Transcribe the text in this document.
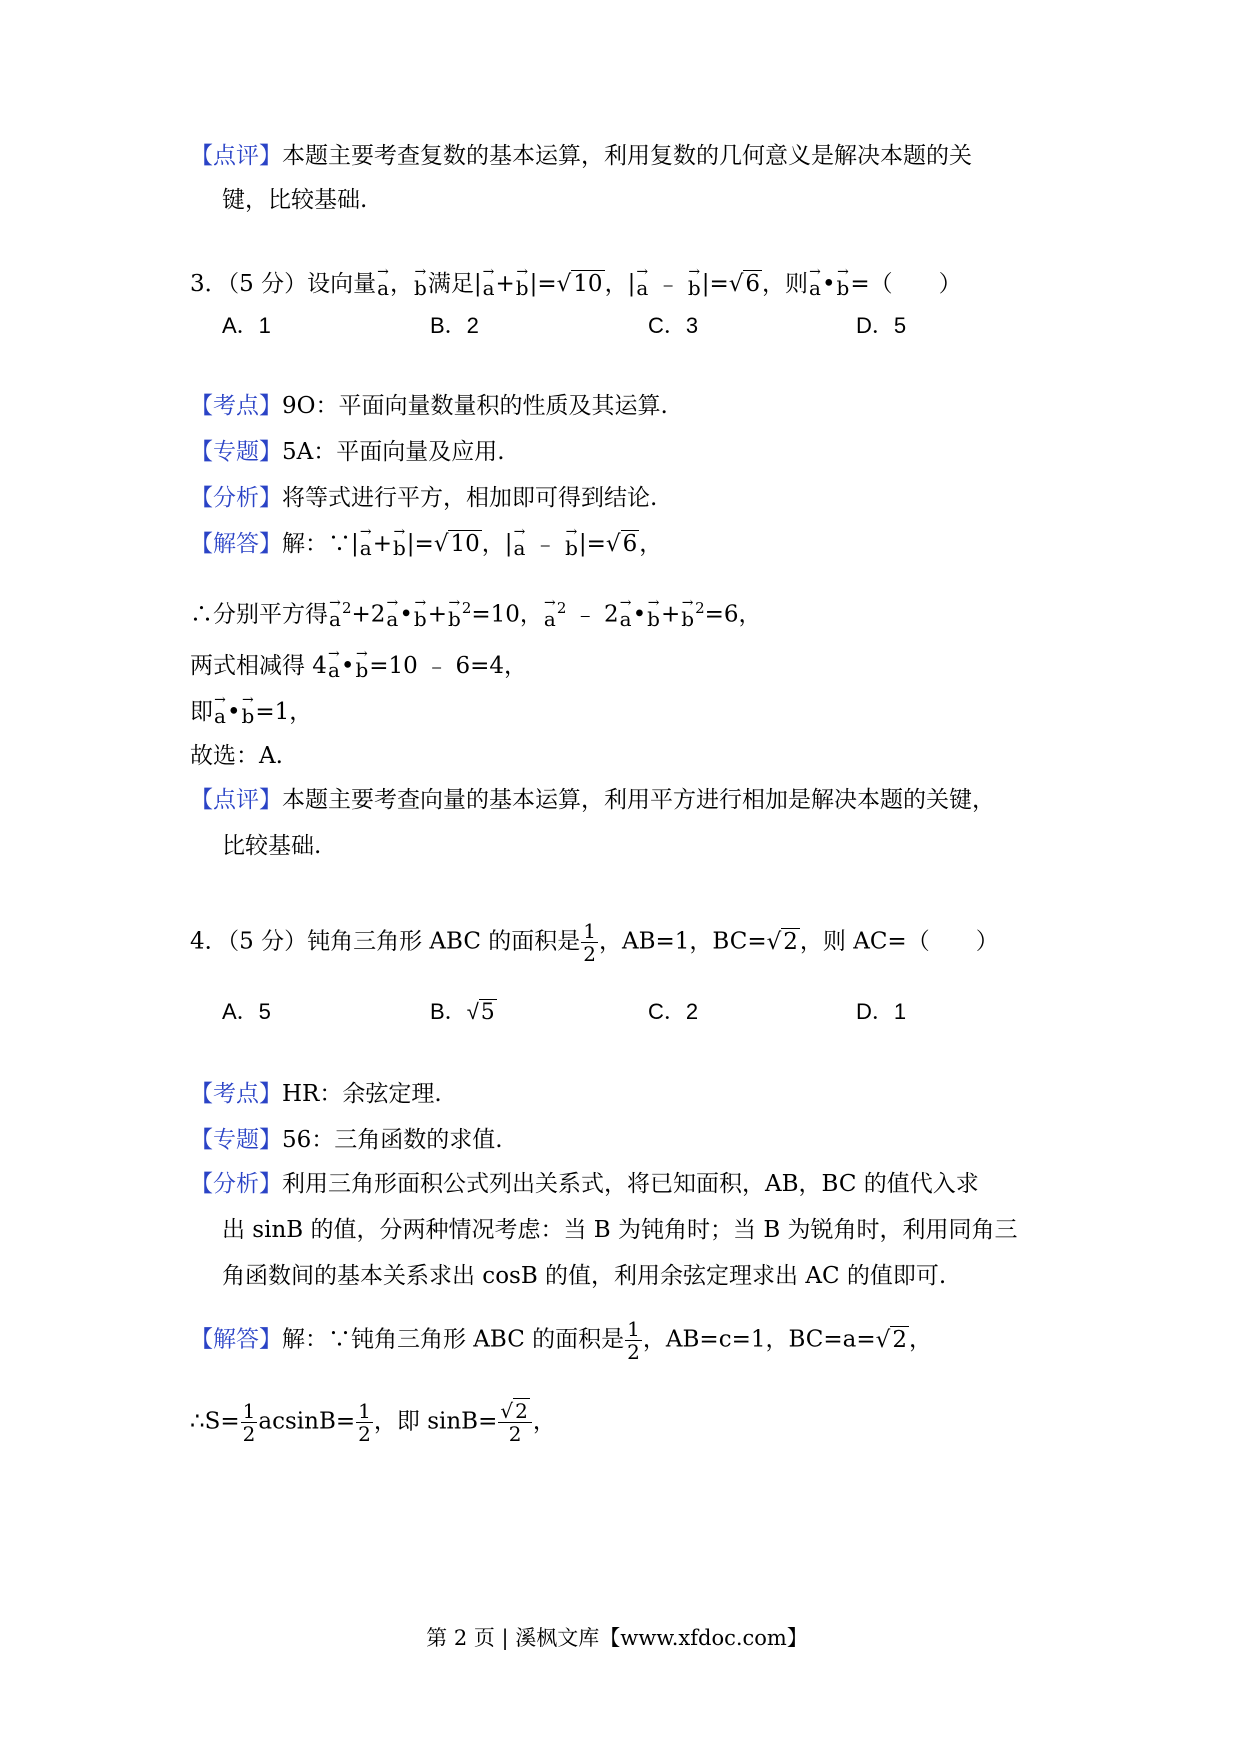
【点评】本题主要考查复数的基本运算，利用复数的几何意义是解决本题的关
键，比较基础.
3．（5 分）设向量→ a，→ b满足|→ a+→ b|=√10，|→ a ﹣ → b|=√6，则→ a•→ b=（　　）
A．1	B．2	C．3	D．5
【考点】9O：平面向量数量积的性质及其运算.
【专题】5A：平面向量及应用.
【分析】将等式进行平方，相加即可得到结论.
【解答】解：∵|→ a+→ b|=√10，|→ a ﹣ → b|=√6，
∴分别平方得→ $a^2+2\to$ a•→ $b+\to b^2=10$，→ $a^2$ ﹣ 2→ a•→ $b+\to b^2=6$，
两式相减得 4→ a•→ b=10 ﹣ 6=4，
即→ a•→ b=1，
故选：A.
【点评】本题主要考查向量的基本运算，利用平方进行相加是解决本题的关键，
比较基础.
4．（5 分）钝角三角形 ABC 的面积是 $\frac{1}{2}$ ，AB=1，BC=√2，则 AC=（　　）
A．5	B．√5	C．2	D．1
【考点】HR：余弦定理.
【专题】56：三角函数的求值.
【分析】利用三角形面积公式列出关系式，将已知面积，AB，BC 的值代入求
出 sinB 的值，分两种情况考虑：当 B 为钝角时；当 B 为锐角时，利用同角三
角函数间的基本关系求出 cosB 的值，利用余弦定理求出 AC 的值即可.
【解答】解：∵钝角三角形 ABC 的面积是 $\frac{1}{2}$ ，AB=c=1，BC=a=√2，
∴S= $\frac{1}{2} acsinB= \frac{1}{2}$ ，即 $\sin B= \frac{√ 2}{2}$ ，
第 2 页 | 溪枫文库【www.xfdoc.com】
